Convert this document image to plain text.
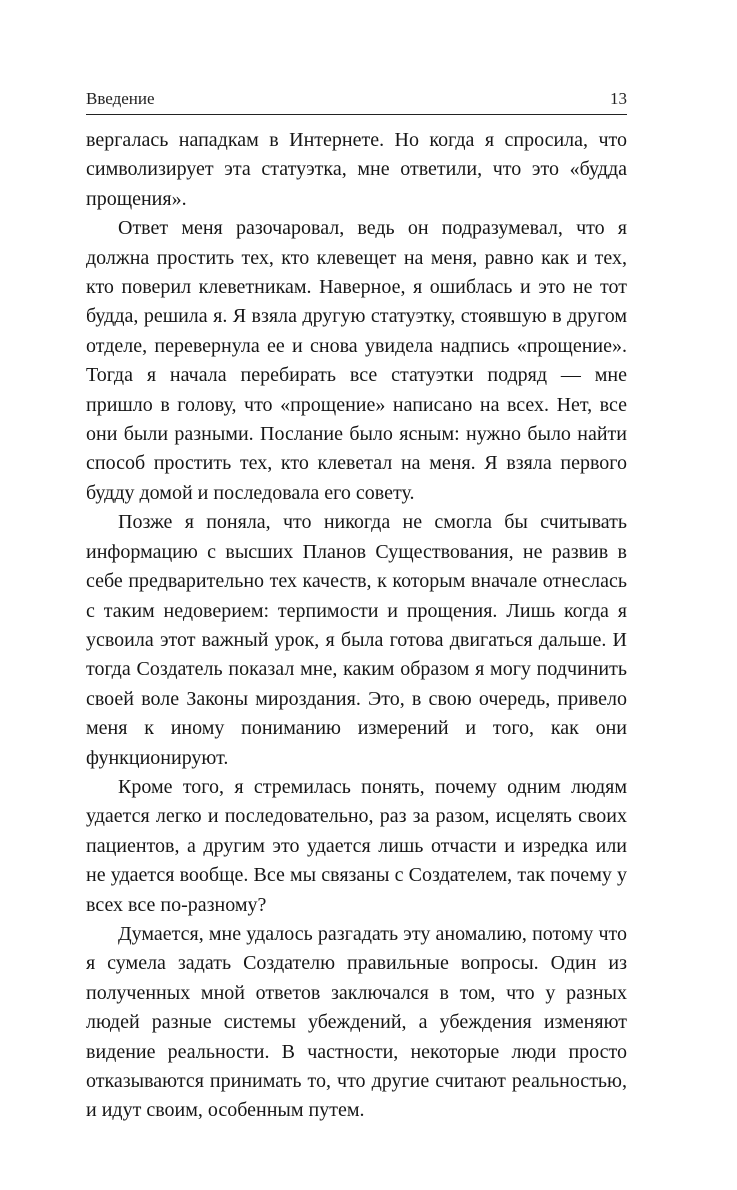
Введение	13

вергалась нападкам в Интернете. Но когда я спросила, что символизирует эта статуэтка, мне ответили, что это «будда прощения».

Ответ меня разочаровал, ведь он подразумевал, что я должна простить тех, кто клевещет на меня, равно как и тех, кто поверил клеветникам. Наверное, я ошиблась и это не тот будда, решила я. Я взяла другую статуэтку, стоявшую в другом отделе, перевернула ее и снова увидела надпись «прощение». Тогда я начала перебирать все статуэтки подряд — мне пришло в голову, что «прощение» написано на всех. Нет, все они были разными. Послание было ясным: нужно было найти способ простить тех, кто клеветал на меня. Я взяла первого будду домой и последовала его совету.

Позже я поняла, что никогда не смогла бы считывать информацию с высших Планов Существования, не развив в себе предварительно тех качеств, к которым вначале отнеслась с таким недоверием: терпимости и прощения. Лишь когда я усвоила этот важный урок, я была готова двигаться дальше. И тогда Создатель показал мне, каким образом я могу подчинить своей воле Законы мироздания. Это, в свою очередь, привело меня к иному пониманию измерений и того, как они функционируют.

Кроме того, я стремилась понять, почему одним людям удается легко и последовательно, раз за разом, исцелять своих пациентов, а другим это удается лишь отчасти и изредка или не удается вообще. Все мы связаны с Создателем, так почему у всех все по-разному?

Думается, мне удалось разгадать эту аномалию, потому что я сумела задать Создателю правильные вопросы. Один из полученных мной ответов заключался в том, что у разных людей разные системы убеждений, а убеждения изменяют видение реальности. В частности, некоторые люди просто отказываются принимать то, что другие считают реальностью, и идут своим, особенным путем.
